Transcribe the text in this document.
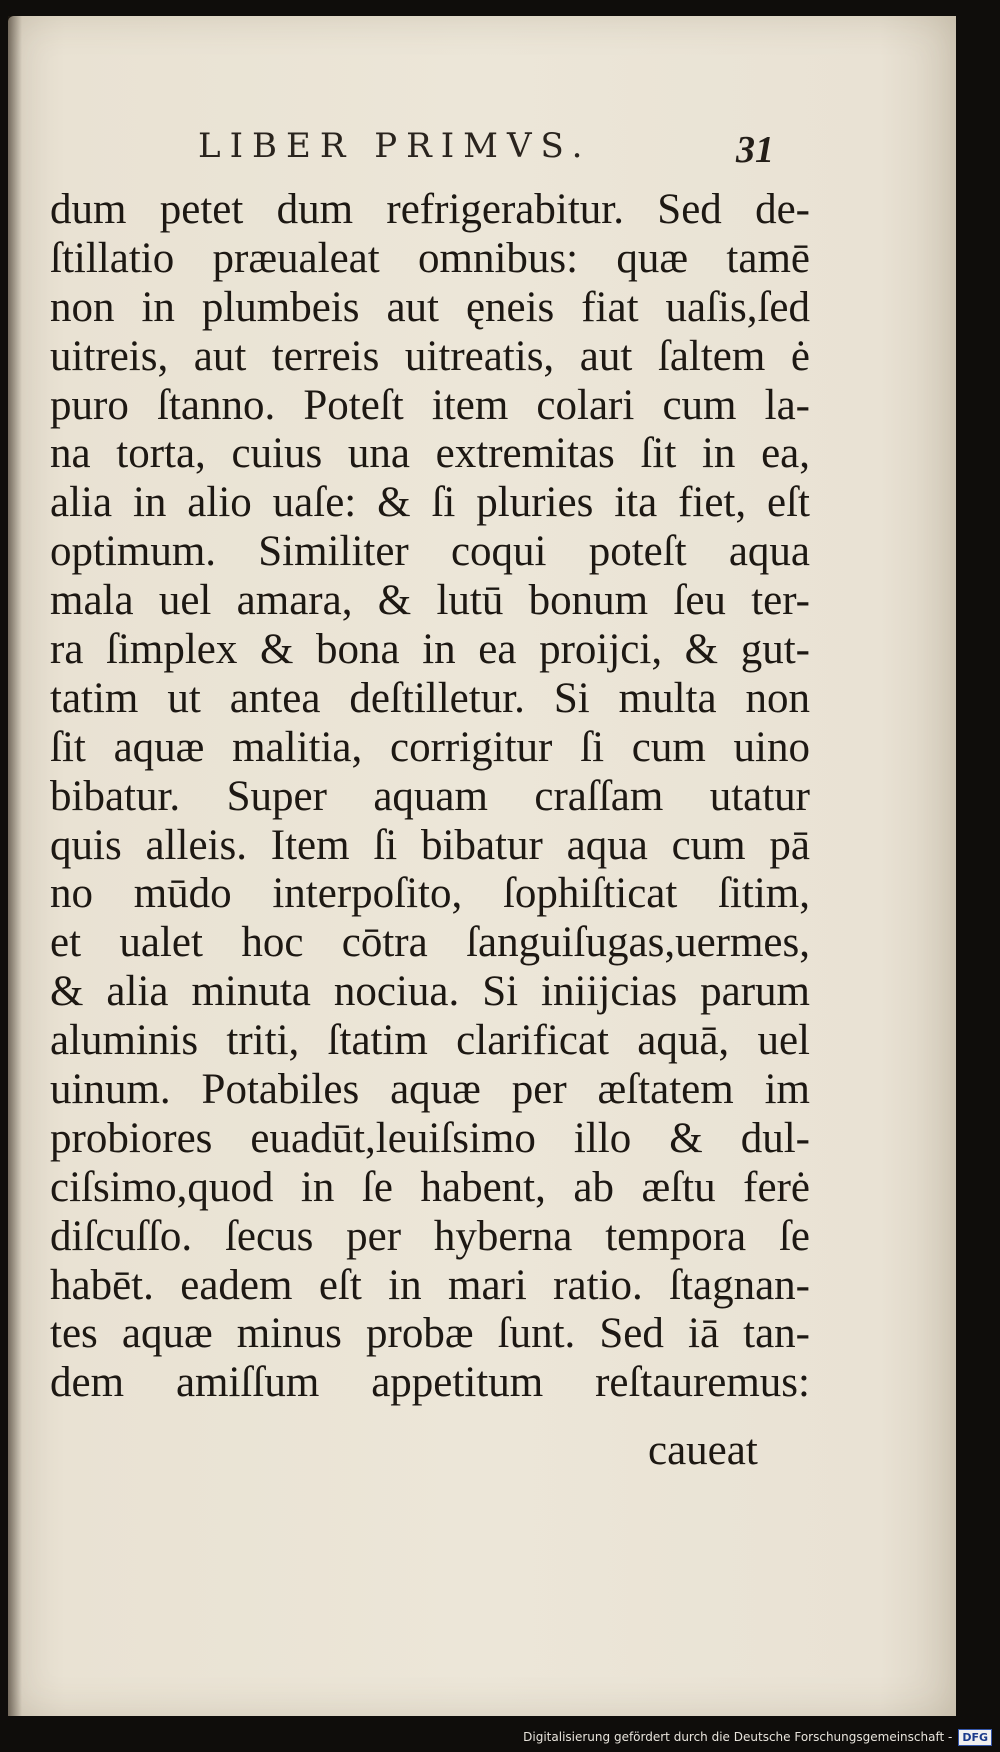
LIBER PRIMVS.	31
dum petet dum refrigerabitur. Sed de-
ſtillatio præualeat omnibus: quæ tamē
non in plumbeis aut ęneis fiat uaſis,ſed
uitreis, aut terreis uitreatis, aut ſaltem ė
puro ſtanno. Poteſt item colari cum la-
na torta, cuius una extremitas ſit in ea,
alia in alio uaſe: & ſi pluries ita fiet, eſt
optimum. Similiter coqui poteſt aqua
mala uel amara, & lutū bonum ſeu ter-
ra ſimplex & bona in ea proijci, & gut-
tatim ut antea deſtilletur. Si multa non
ſit aquæ malitia, corrigitur ſi cum uino
bibatur. Super aquam craſſam utatur
quis alleis. Item ſi bibatur aqua cum pā
no mūdo interpoſito, ſophiſticat ſitim,
et ualet hoc cōtra ſanguiſugas,uermes,
& alia minuta nociua. Si iniijcias parum
aluminis triti, ſtatim clarificat aquā, uel
uinum. Potabiles aquæ per æſtatem im
probiores euadūt,leuiſsimo illo & dul-
ciſsimo,quod in ſe habent, ab æſtu ferė
diſcuſſo. ſecus per hyberna tempora ſe
habēt. eadem eſt in mari ratio. ſtagnan-
tes aquæ minus probæ ſunt. Sed iā tan-
dem amiſſum appetitum reſtauremus:
caueat
Digitalisierung gefördert durch die Deutsche Forschungsgemeinschaft - DFG
